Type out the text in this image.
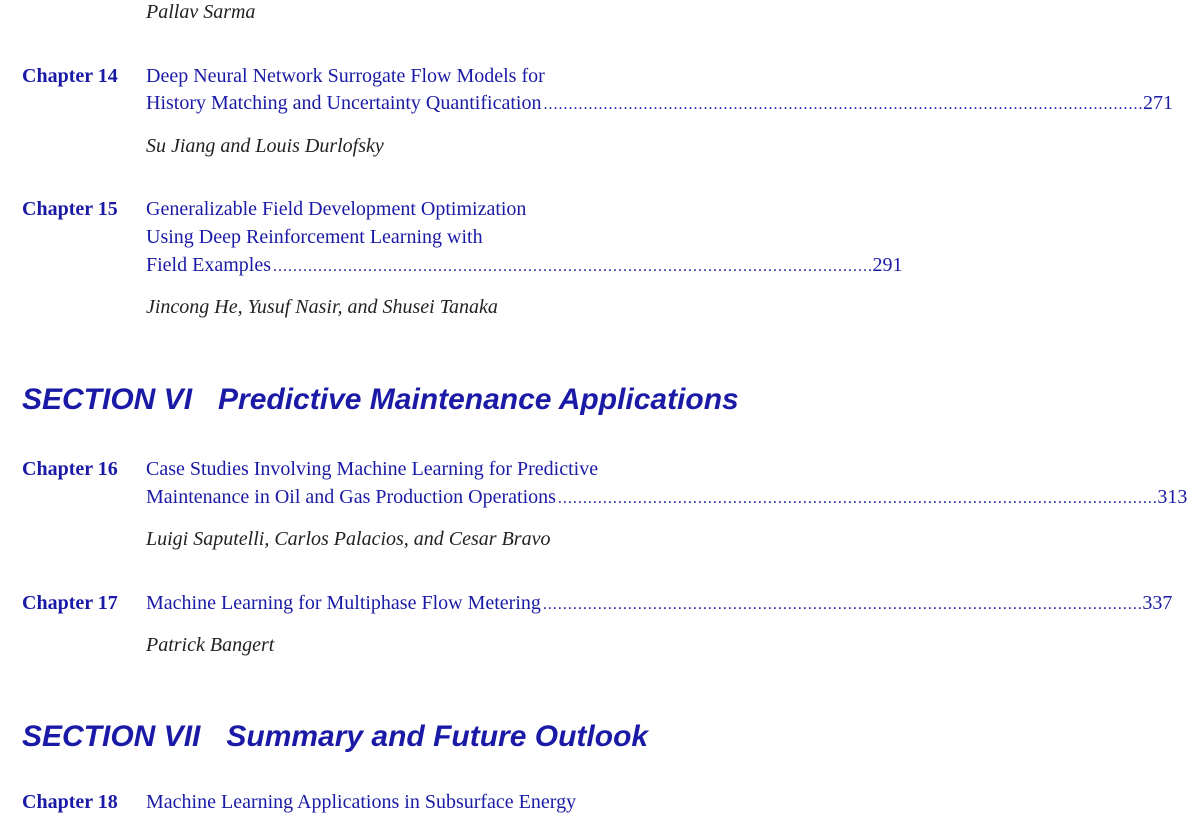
Pallav Sarma
Chapter 14 Deep Neural Network Surrogate Flow Models for
History Matching and Uncertainty Quantification . . .	271
Su Jiang and Louis Durlofsky
Chapter 15 Generalizable Field Development Optimization
Using Deep Reinforcement Learning with
Field Examples . . .	291
Jincong He, Yusuf Nasir, and Shusei Tanaka
SECTION VI Predictive Maintenance Applications
Chapter 16 Case Studies Involving Machine Learning for Predictive
Maintenance in Oil and Gas Production Operations . . .	313
Luigi Saputelli, Carlos Palacios, and Cesar Bravo
Chapter 17 Machine Learning for Multiphase Flow Metering . . .	337
Patrick Bangert
SECTION VII Summary and Future Outlook
Chapter 18 Machine Learning Applications in Subsurface Energy
